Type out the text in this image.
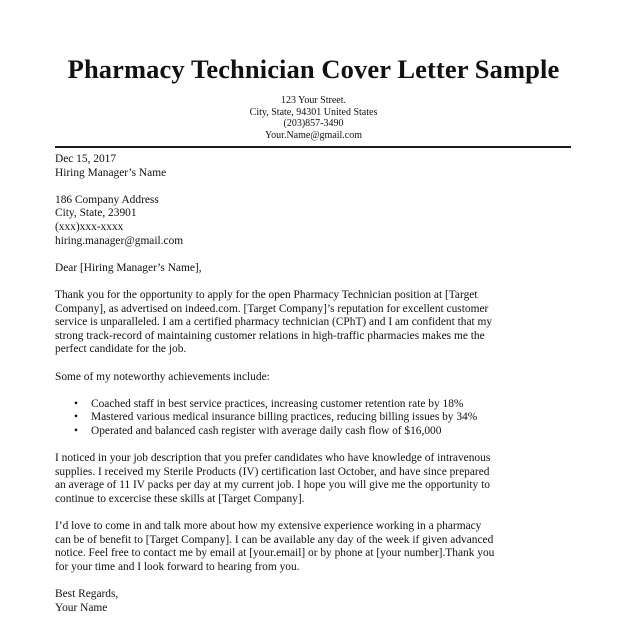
Pharmacy Technician Cover Letter Sample
123 Your Street.
City, State, 94301 United States
(203)857-3490
Your.Name@gmail.com
Dec 15, 2017
Hiring Manager’s Name
186 Company Address
City, State, 23901
(xxx)xxx-xxxx
hiring.manager@gmail.com
Dear [Hiring Manager’s Name],
Thank you for the opportunity to apply for the open Pharmacy Technician position at [Target
Company], as advertised on indeed.com. [Target Company]’s reputation for excellent customer
service is unparalleled. I am a certified pharmacy technician (CPhT) and I am confident that my
strong track-record of maintaining customer relations in high-traffic pharmacies makes me the
perfect candidate for the job.
Some of my noteworthy achievements include:
• Coached staff in best service practices, increasing customer retention rate by 18%
• Mastered various medical insurance billing practices, reducing billing issues by 34%
• Operated and balanced cash register with average daily cash flow of $16,000
I noticed in your job description that you prefer candidates who have knowledge of intravenous
supplies. I received my Sterile Products (IV) certification last October, and have since prepared
an average of 11 IV packs per day at my current job. I hope you will give me the opportunity to
continue to excercise these skills at [Target Company].
I’d love to come in and talk more about how my extensive experience working in a pharmacy
can be of benefit to [Target Company]. I can be available any day of the week if given advanced
notice. Feel free to contact me by email at [your.email] or by phone at [your number].Thank you
for your time and I look forward to hearing from you.
Best Regards,
Your Name
